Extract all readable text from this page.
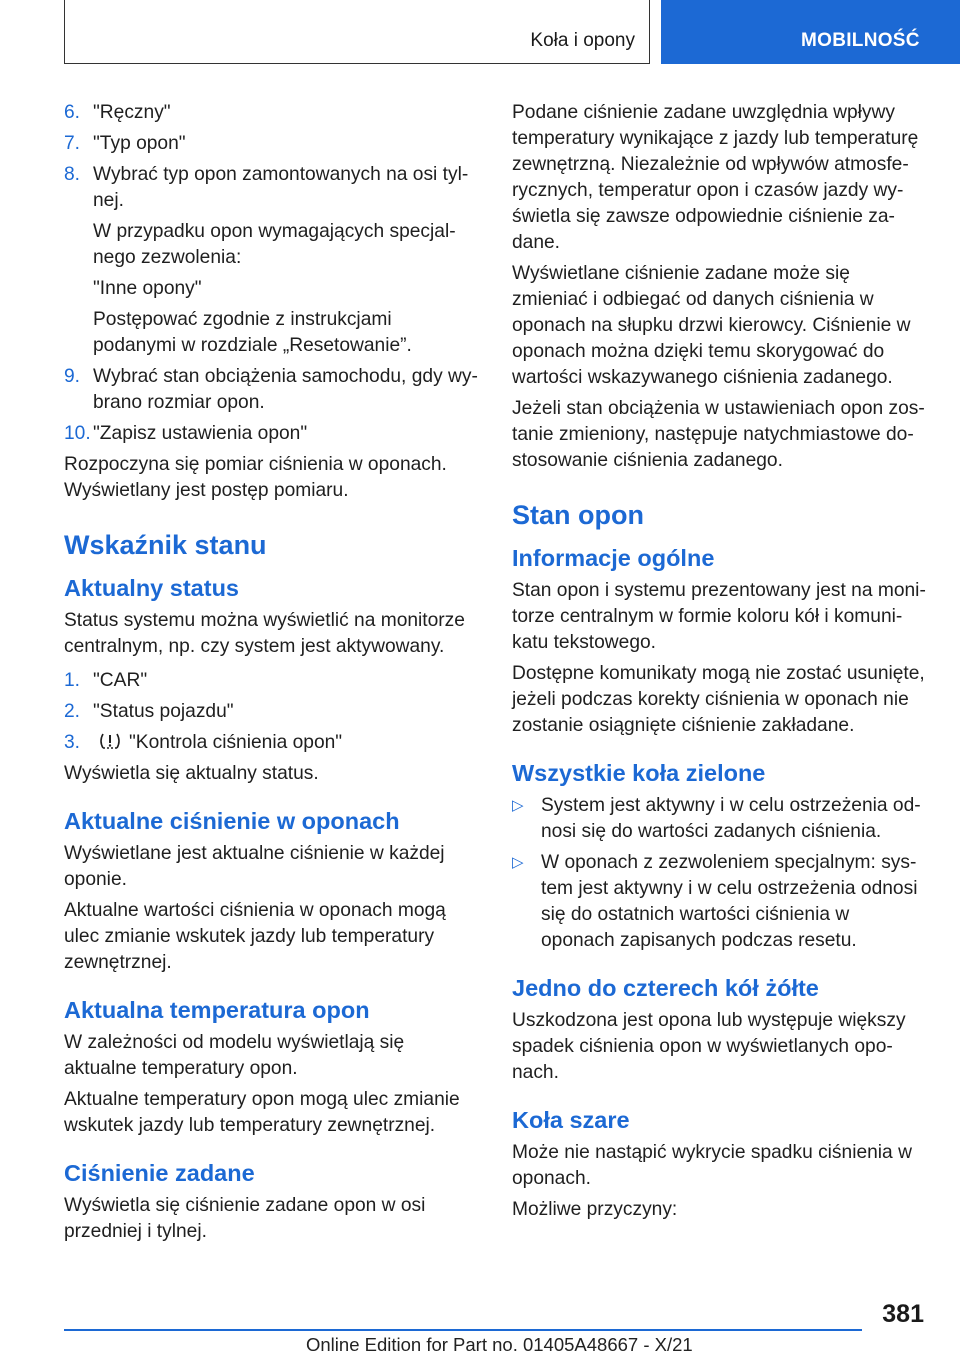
Koła i opony	MOBILNOŚĆ
6. "Ręczny"

7. "Typ opon"

8. Wybrać typ opon zamontowanych na osi tylnej.

W przypadku opon wymagających specjalnego zezwolenia:

"Inne opony"

Postępować zgodnie z instrukcjami podanymi w rozdziale „Resetowanie”.

9. Wybrać stan obciążenia samochodu, gdy wybrano rozmiar opon.

10. "Zapisz ustawienia opon"

Rozpoczyna się pomiar ciśnienia w oponach. Wyświetlany jest postęp pomiaru.

Wskaźnik stanu
Aktualny status

Status systemu można wyświetlić na monitorze centralnym, np. czy system jest aktywowany.

1. "CAR"

2. "Status pojazdu"

3.	"Kontrola ciśnienia opon"

Wyświetla się aktualny status.

Aktualne ciśnienie w oponach

Wyświetlane jest aktualne ciśnienie w każdej oponie.

Aktualne wartości ciśnienia w oponach mogą ulec zmianie wskutek jazdy lub temperatury zewnętrznej.

Aktualna temperatura opon

W zależności od modelu wyświetlają się aktualne temperatury opon.

Aktualne temperatury opon mogą ulec zmianie wskutek jazdy lub temperatury zewnętrznej.

Ciśnienie zadane

Wyświetla się ciśnienie zadane opon w osi przedniej i tylnej.

Podane ciśnienie zadane uwzględnia wpływy temperatury wynikające z jazdy lub temperaturę zewnętrzną. Niezależnie od wpływów atmosferycznych, temperatur opon i czasów jazdy wyświetla się zawsze odpowiednie ciśnienie zadane.

Wyświetlane ciśnienie zadane może się zmieniać i odbiegać od danych ciśnienia w oponach na słupku drzwi kierowcy. Ciśnienie w oponach można dzięki temu skorygować do wartości wskazywanego ciśnienia zadanego.

Jeżeli stan obciążenia w ustawieniach opon zostanie zmieniony, następuje natychmiastowe dostosowanie ciśnienia zadanego.

Stan opon
Informacje ogólne

Stan opon i systemu prezentowany jest na monitorze centralnym w formie koloru kół i komunikatu tekstowego.

Dostępne komunikaty mogą nie zostać usunięte, jeżeli podczas korekty ciśnienia w oponach nie zostanie osiągnięte ciśnienie zakładane.

Wszystkie koła zielone
▷ System jest aktywny i w celu ostrzeżenia odnosi się do wartości zadanych ciśnienia.

▷ W oponach z zezwoleniem specjalnym: system jest aktywny i w celu ostrzeżenia odnosi się do ostatnich wartości ciśnienia w oponach zapisanych podczas resetu.

Jedno do czterech kół żółte

Uszkodzona jest opona lub występuje większy spadek ciśnienia opon w wyświetlanych oponach.

Koła szare

Może nie nastąpić wykrycie spadku ciśnienia w oponach.

Możliwe przyczyny:

381
Online Edition for Part no. 01405A48667 - X/21
